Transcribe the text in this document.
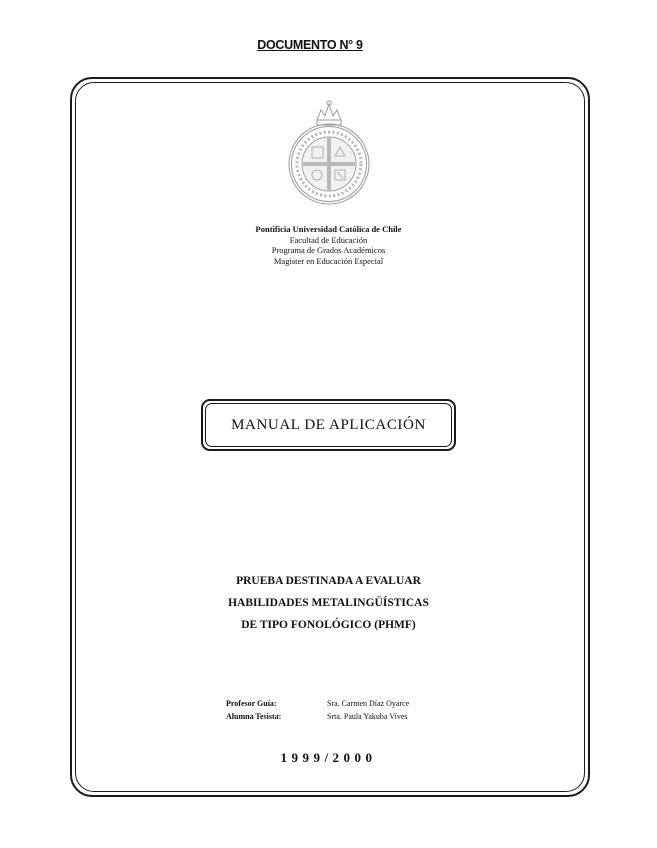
DOCUMENTO N° 9
Pontificia Universidad Católica de Chile
Facultad de Educación
Programa de Grados Académicos
Magister en Educación Especial
MANUAL DE APLICACIÓN
PRUEBA DESTINADA A EVALUAR
HABILIDADES METALINGÜÍSTICAS
DE TIPO FONOLÓGICO (PHMF)
Profesor Guía:	Sra. Carmen Díaz Oyarce
Alumna Tesista:	Srta. Paula Yakuba Vives
1999/2000
